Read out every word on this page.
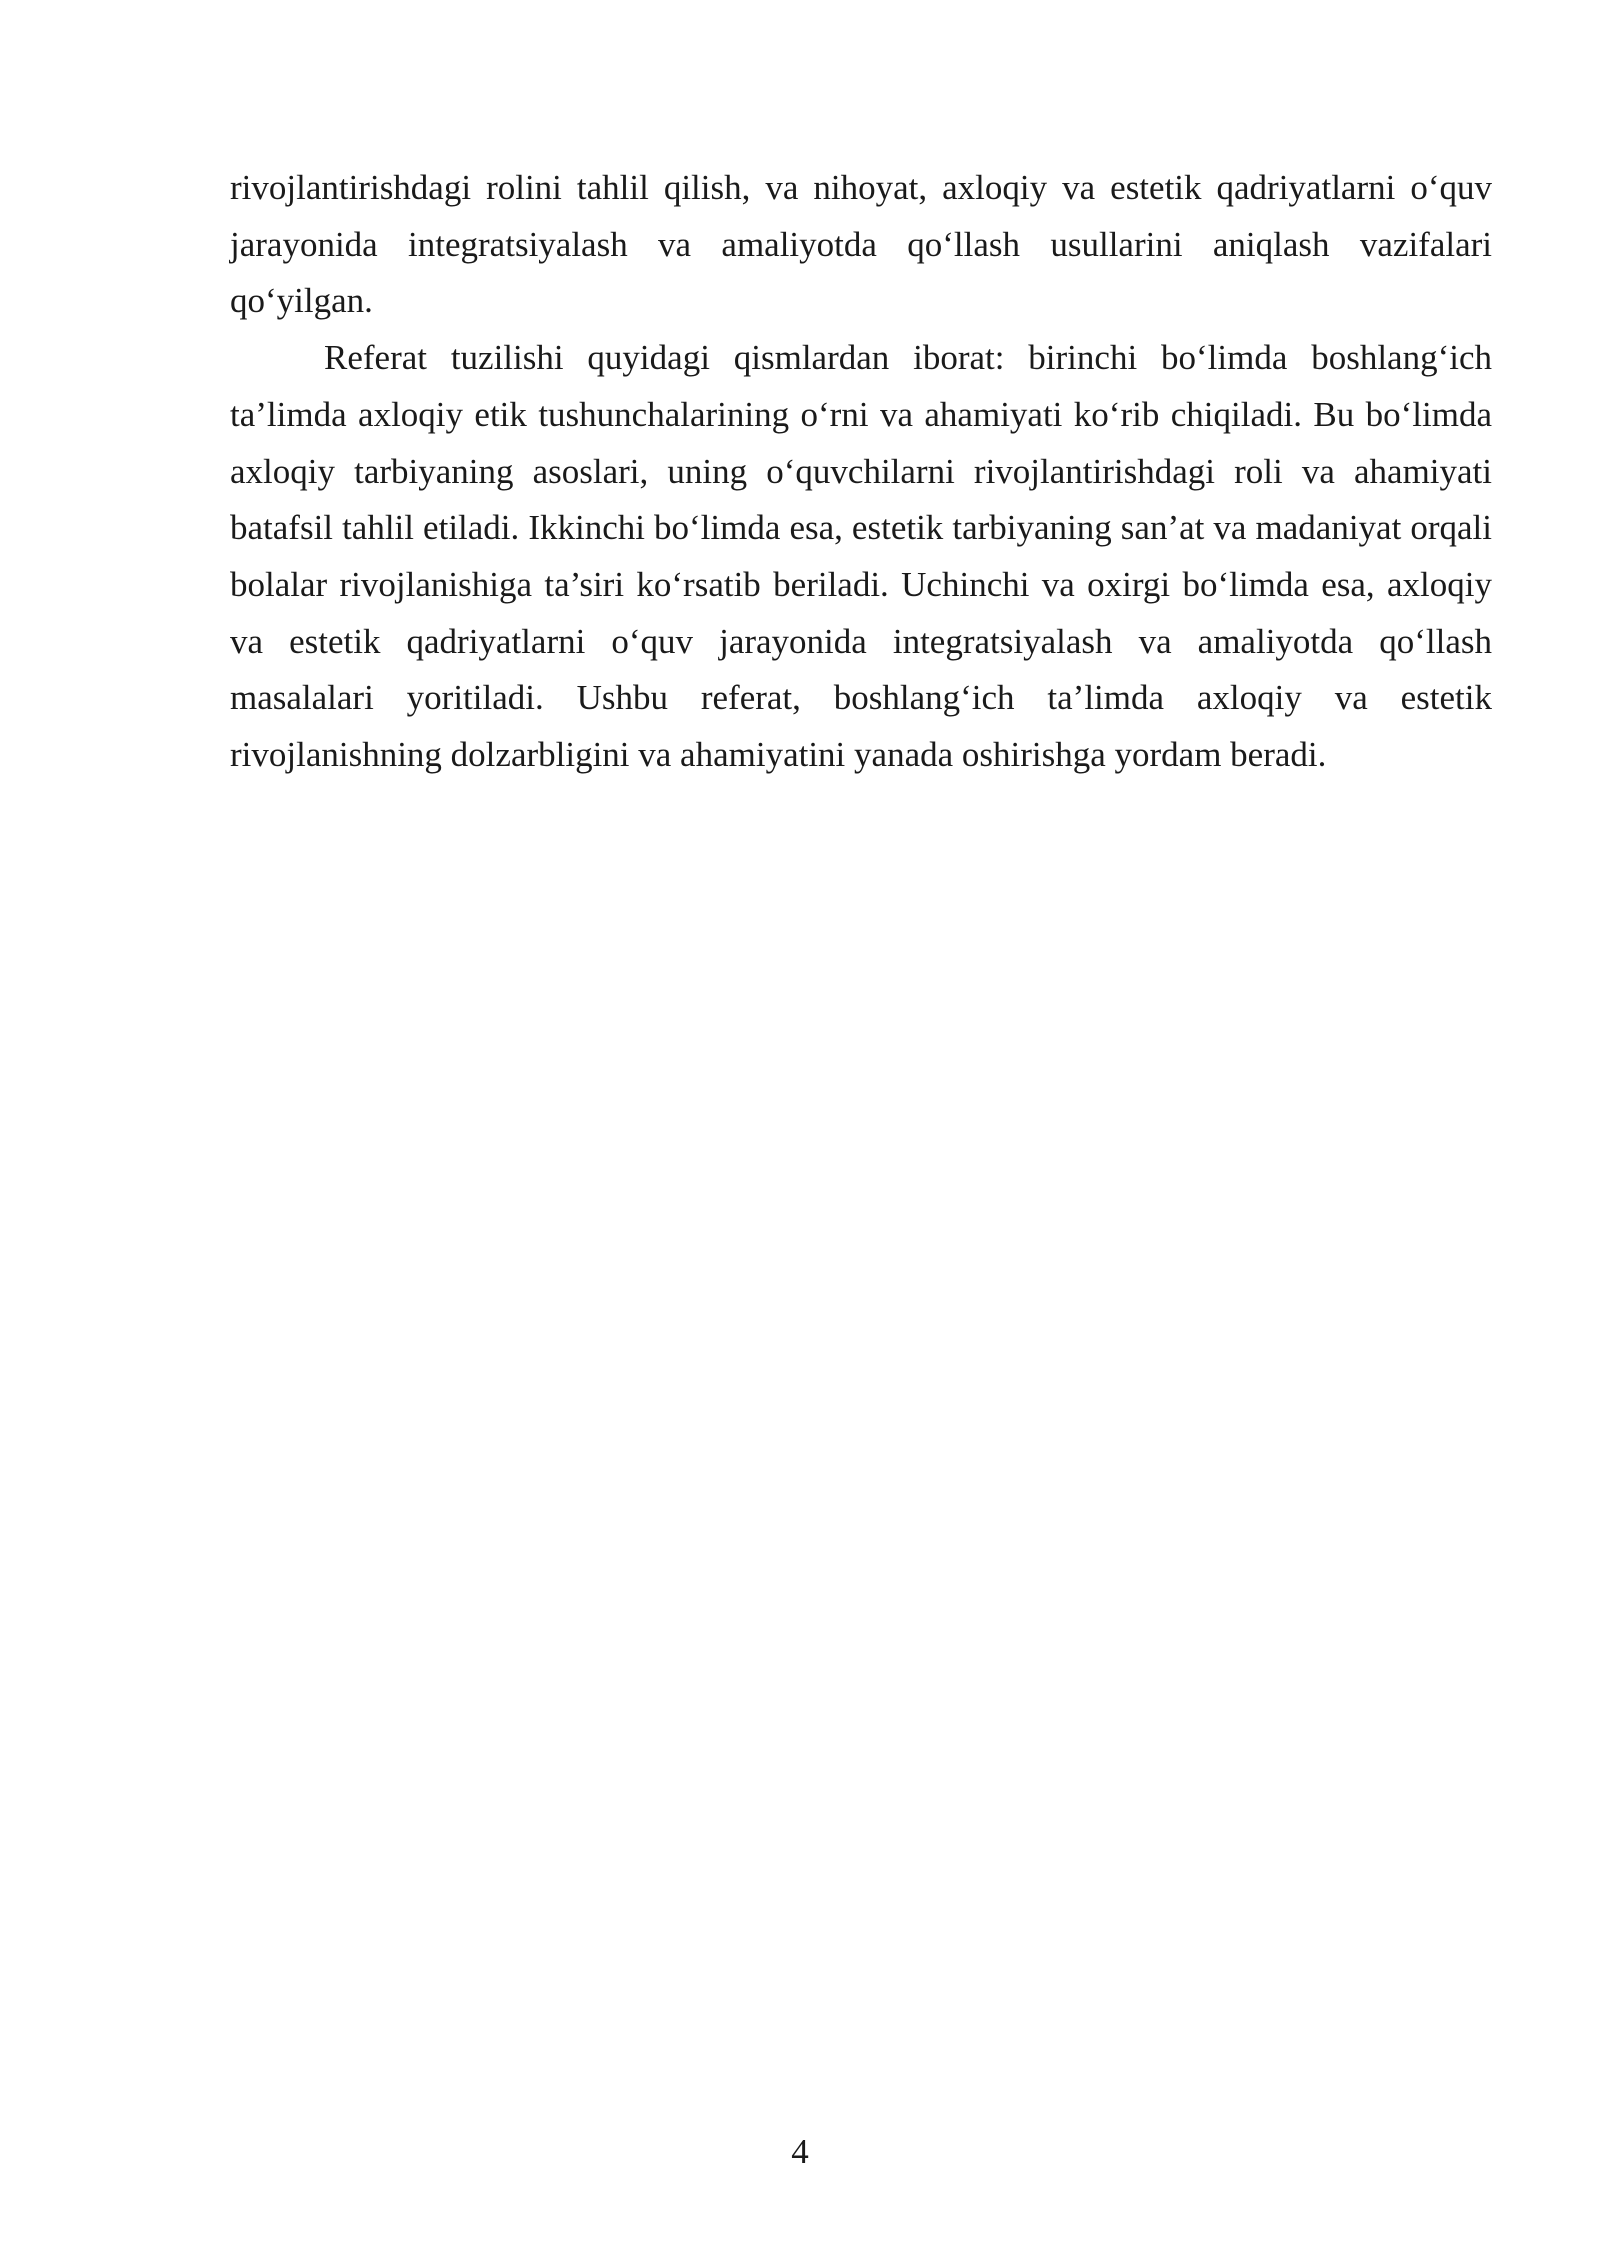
rivojlantirishdagi rolini tahlil qilish, va nihoyat, axloqiy va estetik qadriyatlarni o‘quv jarayonida integratsiyalash va amaliyotda qo‘llash usullarini aniqlash vazifalari qo‘yilgan.

Referat tuzilishi quyidagi qismlardan iborat: birinchi bo‘limda boshlang‘ich ta’limda axloqiy etik tushunchalarining o‘rni va ahamiyati ko‘rib chiqiladi. Bu bo‘limda axloqiy tarbiyaning asoslari, uning o‘quvchilarni rivojlantirishdagi roli va ahamiyati batafsil tahlil etiladi. Ikkinchi bo‘limda esa, estetik tarbiyaning san’at va madaniyat orqali bolalar rivojlanishiga ta’siri ko‘rsatib beriladi. Uchinchi va oxirgi bo‘limda esa, axloqiy va estetik qadriyatlarni o‘quv jarayonida integratsiyalash va amaliyotda qo‘llash masalalari yoritiladi. Ushbu referat, boshlang‘ich ta’limda axloqiy va estetik rivojlanishning dolzarbligini va ahamiyatini yanada oshirishga yordam beradi.

4
